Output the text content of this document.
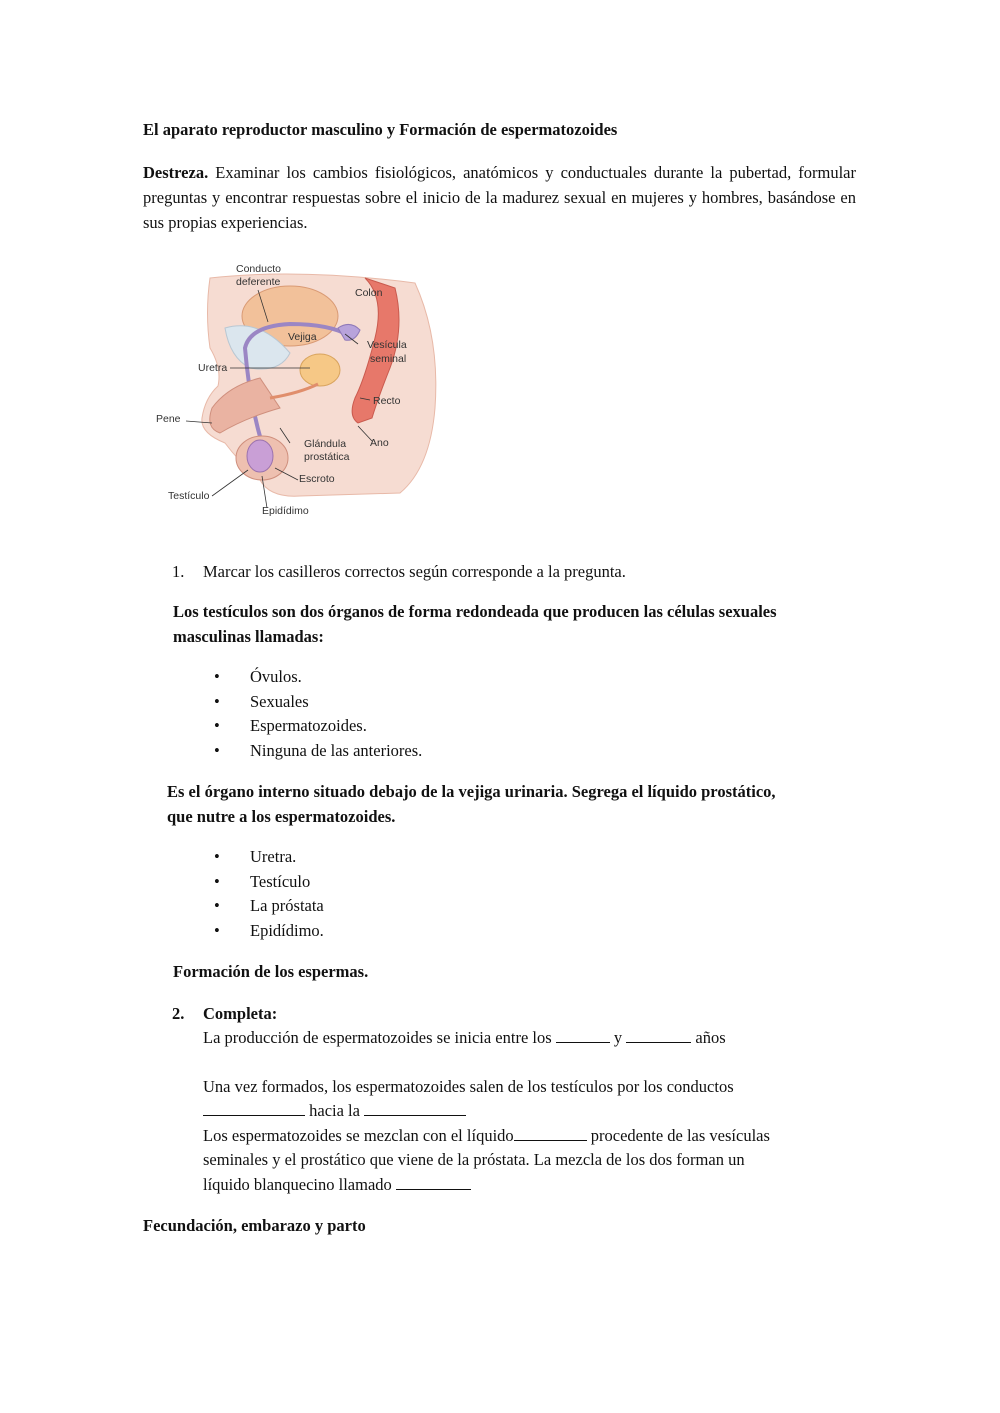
El aparato reproductor masculino y Formación de espermatozoides
Destreza. Examinar los cambios fisiológicos, anatómicos y conductuales durante la pubertad, formular preguntas y encontrar respuestas sobre el inicio de la madurez sexual en mujeres y hombres, basándose en sus propias experiencias.
Conducto
deferente
Colon
Vejiga
Vesícula
seminal
Uretra
Recto
Pene
Ano
Glándula
prostática
Escroto
Testículo
Epidídimo
1. Marcar los casilleros correctos según corresponde a la pregunta.
Los testículos son dos órganos de forma redondeada que producen las células sexuales
masculinas llamadas:
• Óvulos.
• Sexuales
• Espermatozoides.
• Ninguna de las anteriores.
Es el órgano interno situado debajo de la vejiga urinaria. Segrega el líquido prostático,
que nutre a los espermatozoides.
• Uretra.
• Testículo
• La próstata
• Epidídimo.
Formación de los espermas.
2. Completa:
La producción de espermatozoides se inicia entre los	y	años
Una vez formados, los espermatozoides salen de los testículos por los conductos
hacia la
Los espermatozoides se mezclan con el líquido	procedente de las vesículas
seminales y el prostático que viene de la próstata. La mezcla de los dos forman un
líquido blanquecino llamado
Fecundación, embarazo y parto
